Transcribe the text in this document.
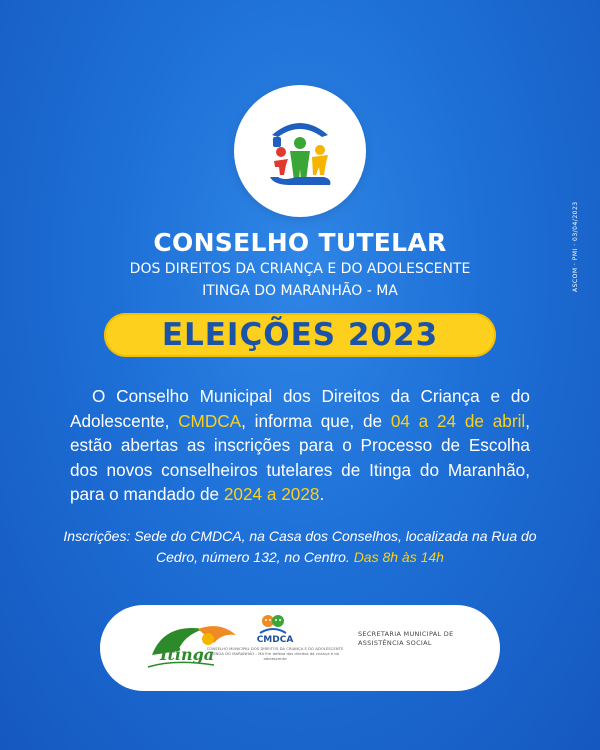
ASCOM · PMI · 03/04/2023
CONSELHO TUTELAR
DOS DIREITOS DA CRIANÇA E DO ADOLESCENTE
ITINGA DO MARANHÃO - MA
ELEIÇÕES 2023
O Conselho Municipal dos Direitos da Criança e do Adolescente, CMDCA, informa que, de 04 a 24 de abril, estão abertas as inscrições para o Processo de Escolha dos novos conselheiros tutelares de Itinga do Maranhão, para o mandado de 2024 a 2028.
Inscrições: Sede do CMDCA, na Casa dos Conselhos, localizada na Rua do Cedro, número 132, no Centro. Das 8h às 14h
Itinga
CMDCA
CONSELHO MUNICIPAL DOS DIREITOS DA CRIANÇA E DO ADOLESCENTE ITINGA DO MARANHÃO - MA Em defesa dos direitos da criança e do adolescente
SECRETARIA MUNICIPAL DE ASSISTÊNCIA SOCIAL
